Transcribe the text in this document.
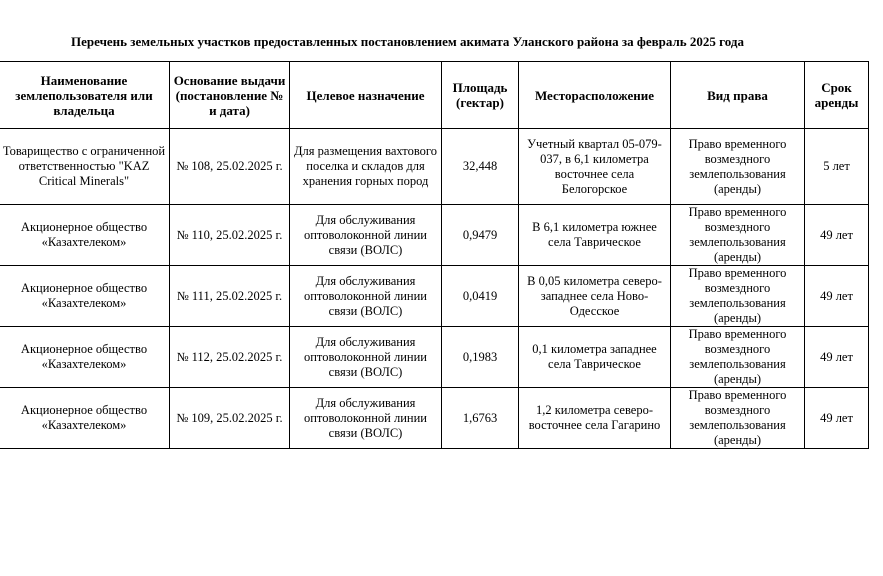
Перечень земельных участков предоставленных постановлением акимата Уланского района за февраль 2025 года
Наименование землепользователя или владельца	Основание выдачи (постановление № и дата)	Целевое назначение	Площадь (гектар)	Месторасположение	Вид права	Срок аренды
Товарищество с ограниченной ответственностью "KAZ Critical Minerals"	№ 108, 25.02.2025 г.	Для размещения вахтового поселка и складов для хранения горных пород	32,448	Учетный квартал 05-079-037, в 6,1 километра восточнее села Белогорское	Право временного возмездного землепользования (аренды)	5 лет
Акционерное общество «Казахтелеком»	№ 110, 25.02.2025 г.	Для обслуживания оптоволоконной линии связи (ВОЛС)	0,9479	В 6,1 километра южнее села Таврическое	Право временного возмездного землепользования (аренды)	49 лет
Акционерное общество «Казахтелеком»	№ 111, 25.02.2025 г.	Для обслуживания оптоволоконной линии связи (ВОЛС)	0,0419	В 0,05 километра северо-западнее села Ново-Одесское	Право временного возмездного землепользования (аренды)	49 лет
Акционерное общество «Казахтелеком»	№ 112, 25.02.2025 г.	Для обслуживания оптоволоконной линии связи (ВОЛС)	0,1983	0,1 километра западнее села Таврическое	Право временного возмездного землепользования (аренды)	49 лет
Акционерное общество «Казахтелеком»	№ 109, 25.02.2025 г.	Для обслуживания оптоволоконной линии связи (ВОЛС)	1,6763	1,2 километра северо-восточнее села Гагарино	Право временного возмездного землепользования (аренды)	49 лет
